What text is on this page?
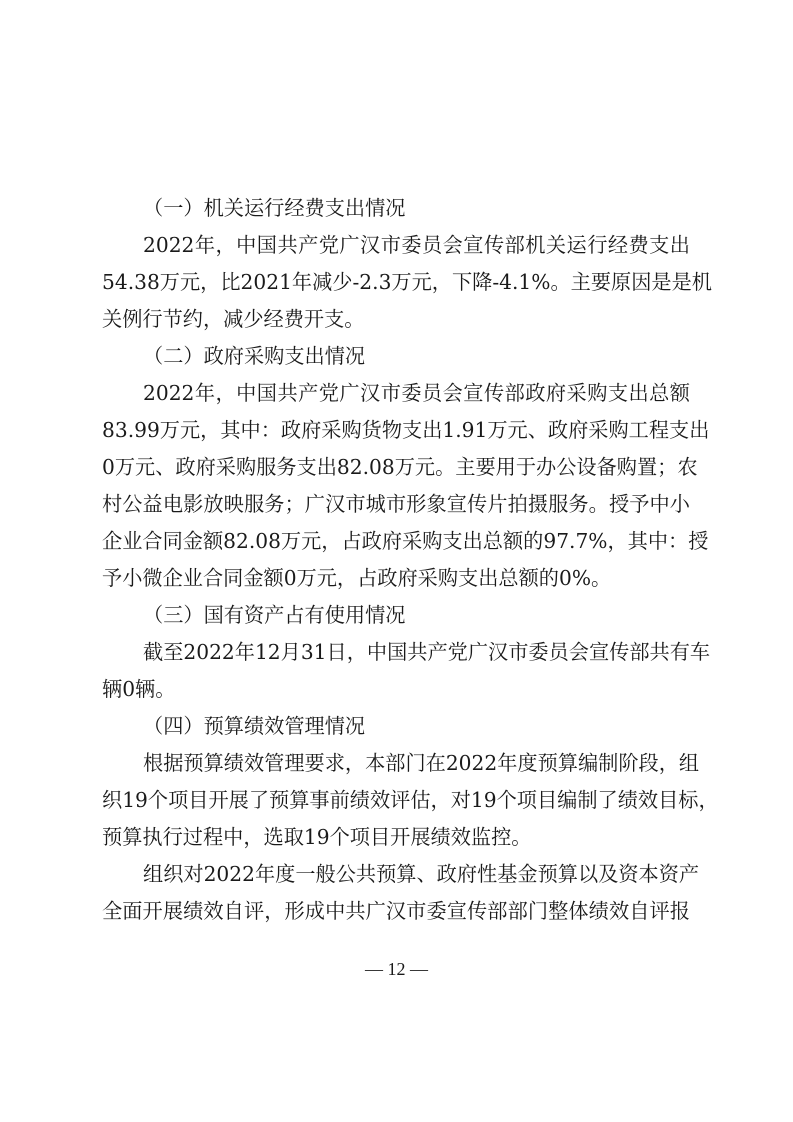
（一）机关运行经费支出情况
2022年，中国共产党广汉市委员会宣传部机关运行经费支出
54.38万元，比2021年减少-2.3万元，下降-4.1%。主要原因是是机
关例行节约，减少经费开支。
（二）政府采购支出情况
2022年，中国共产党广汉市委员会宣传部政府采购支出总额
83.99万元，其中：政府采购货物支出1.91万元、政府采购工程支出
0万元、政府采购服务支出82.08万元。主要用于办公设备购置；农
村公益电影放映服务；广汉市城市形象宣传片拍摄服务。授予中小
企业合同金额82.08万元，占政府采购支出总额的97.7%，其中：授
予小微企业合同金额0万元，占政府采购支出总额的0%。
（三）国有资产占有使用情况
截至2022年12月31日，中国共产党广汉市委员会宣传部共有车
辆0辆。
（四）预算绩效管理情况
根据预算绩效管理要求，本部门在2022年度预算编制阶段，组
织19个项目开展了预算事前绩效评估，对19个项目编制了绩效目标，
预算执行过程中，选取19个项目开展绩效监控。
组织对2022年度一般公共预算、政府性基金预算以及资本资产
全面开展绩效自评，形成中共广汉市委宣传部部门整体绩效自评报
— 12 —
